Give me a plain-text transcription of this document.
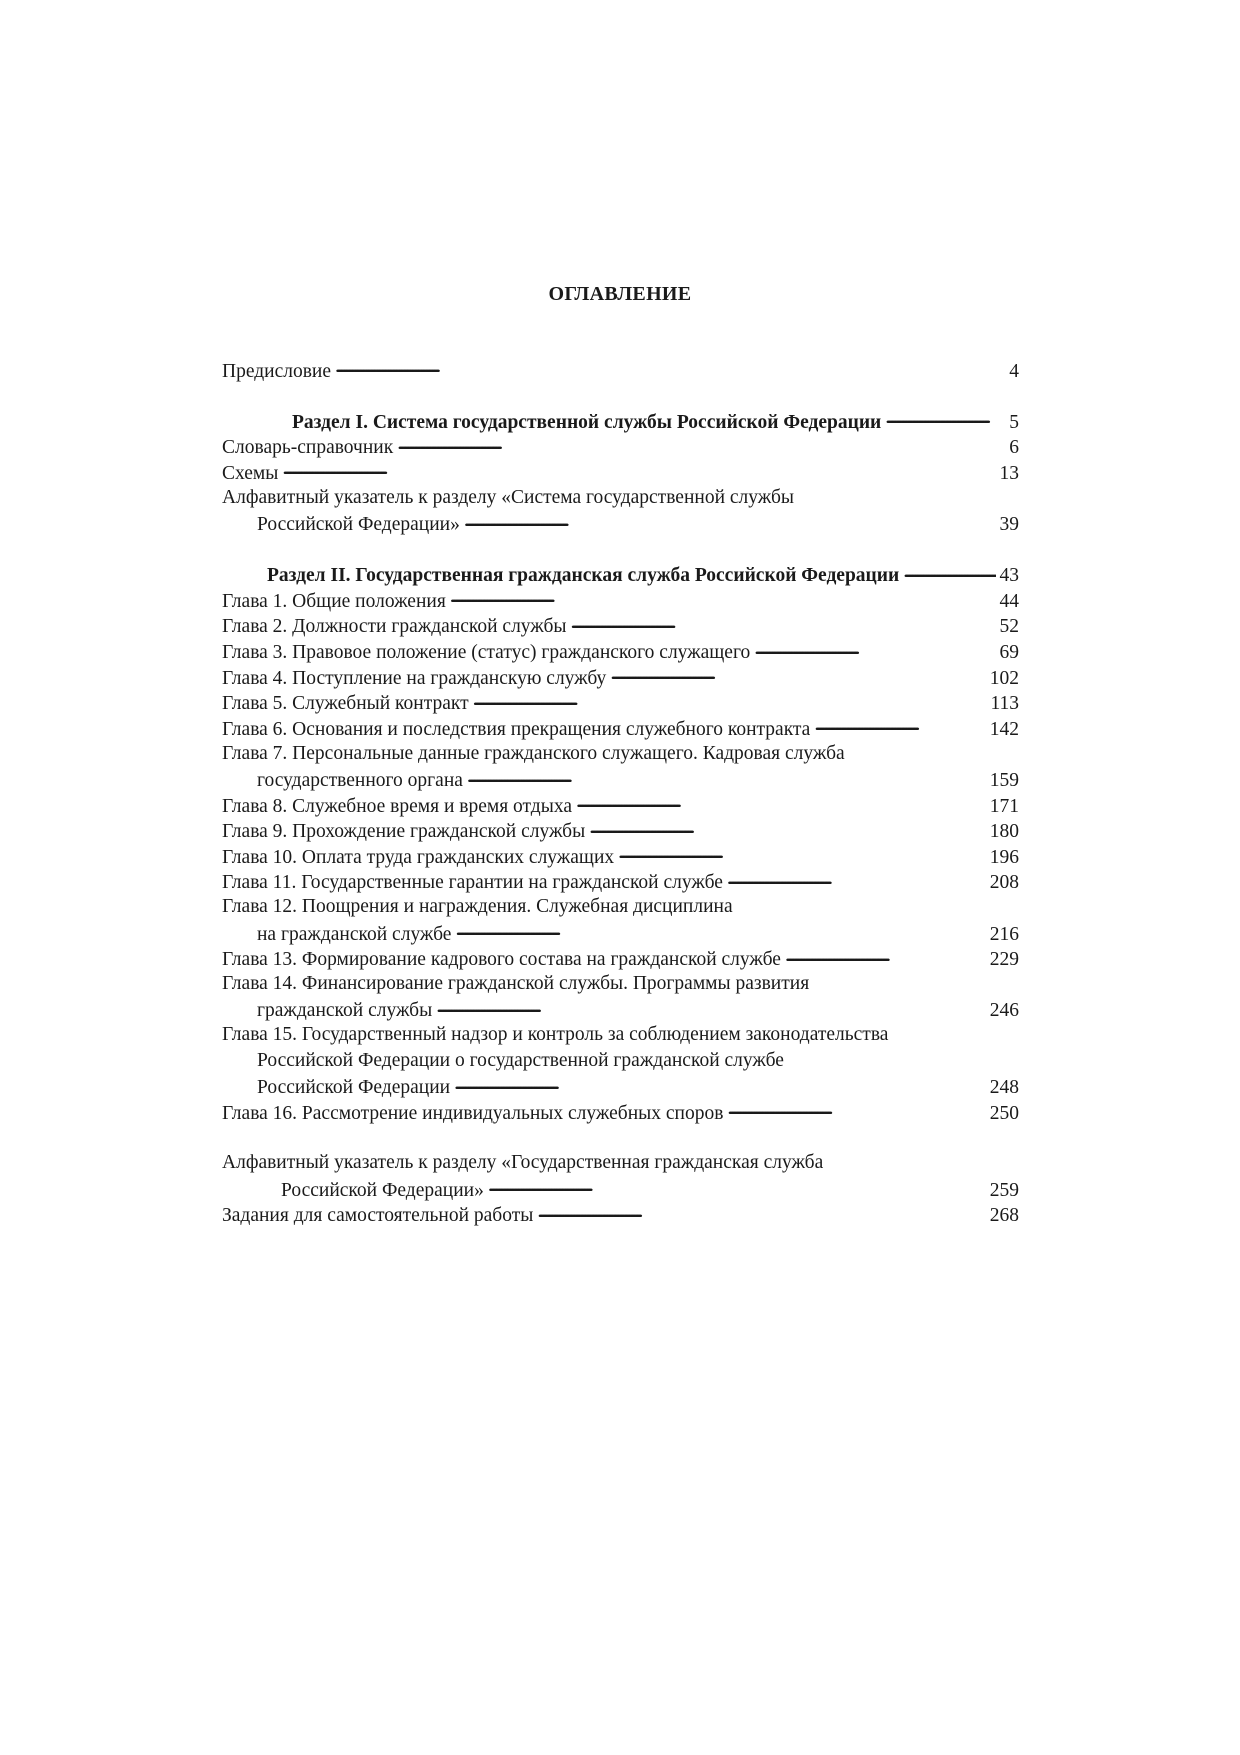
ОГЛАВЛЕНИЕ
Предисловие . . .	4
Раздел I. Система государственной службы Российской Федерации . . .	5
Словарь-справочник . . .	6
Схемы . . .	13
Алфавитный указатель к разделу «Система государственной службы
Российской Федерации» . . .	39
Раздел II. Государственная гражданская служба Российской Федерации . . .	43
Глава 1. Общие положения . . .	44
Глава 2. Должности гражданской службы . . .	52
Глава 3. Правовое положение (статус) гражданского служащего . . .	69
Глава 4. Поступление на гражданскую службу . . .	102
Глава 5. Служебный контракт . . .	113
Глава 6. Основания и последствия прекращения служебного контракта . . .	142
Глава 7. Персональные данные гражданского служащего. Кадровая служба
государственного органа . . .	159
Глава 8. Служебное время и время отдыха . . .	171
Глава 9. Прохождение гражданской службы . . .	180
Глава 10. Оплата труда гражданских служащих . . .	196
Глава 11. Государственные гарантии на гражданской службе . . .	208
Глава 12. Поощрения и награждения. Служебная дисциплина
на гражданской службе . . .	216
Глава 13. Формирование кадрового состава на гражданской службе . . .	229
Глава 14. Финансирование гражданской службы. Программы развития
гражданской службы . . .	246
Глава 15. Государственный надзор и контроль за соблюдением законодательства
Российской Федерации о государственной гражданской службе
Российской Федерации . . .	248
Глава 16. Рассмотрение индивидуальных служебных споров . . .	250
Алфавитный указатель к разделу «Государственная гражданская служба
Российской Федерации» . . .	259
Задания для самостоятельной работы . . .	268
